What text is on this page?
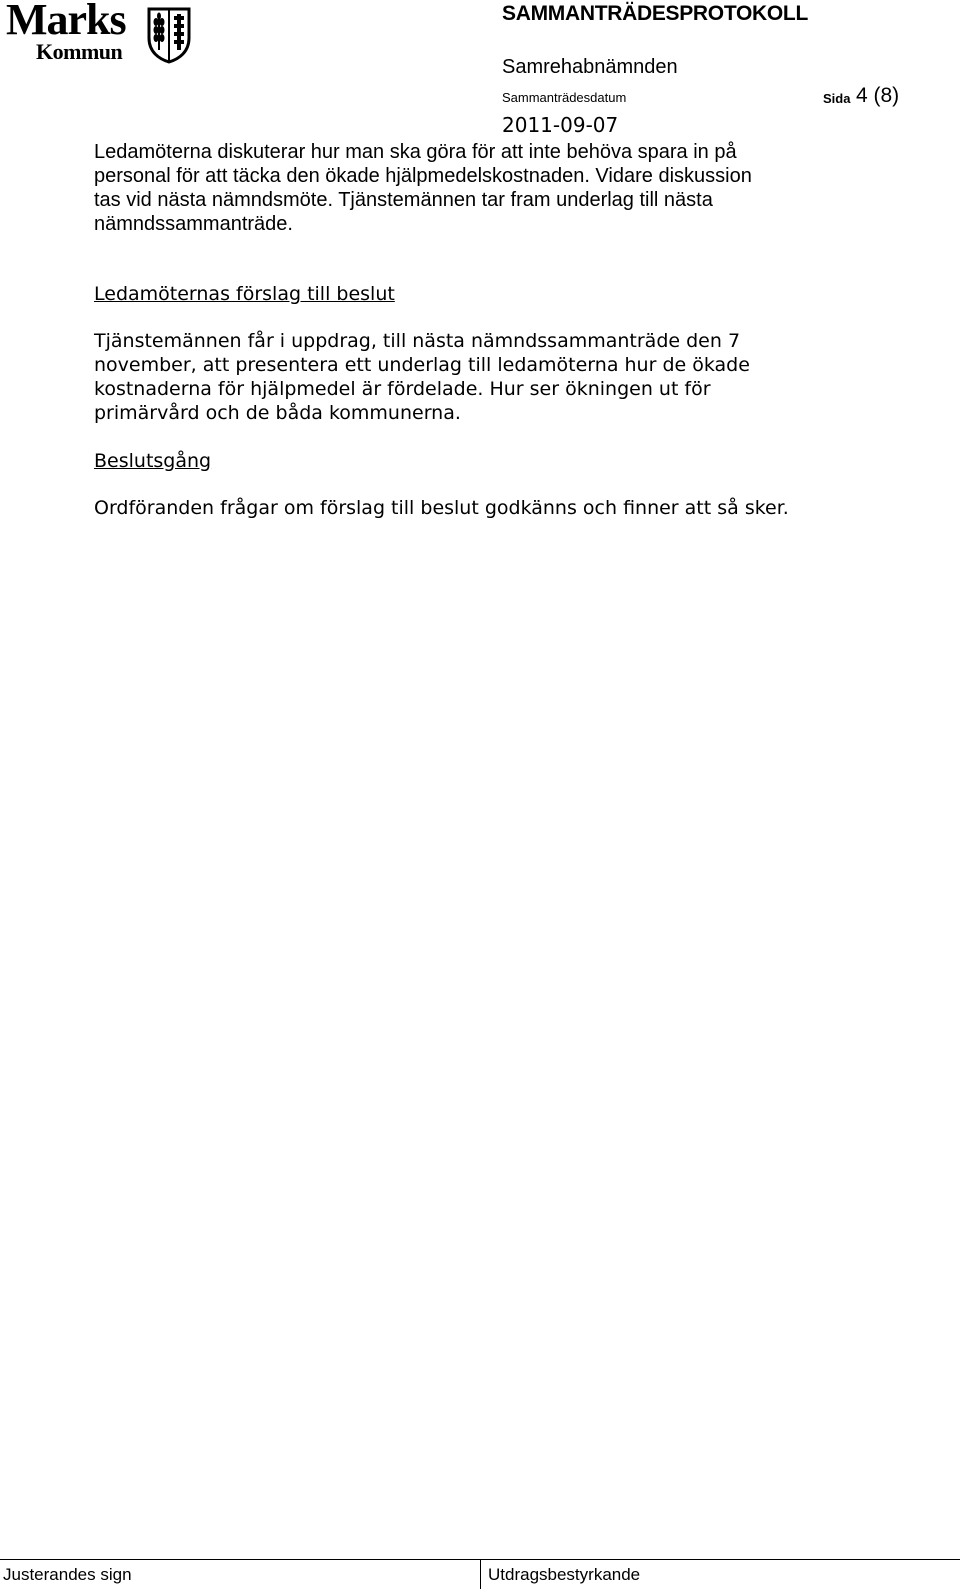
Marks
Kommun
SAMMANTRÄDESPROTOKOLL
Samrehabnämnden
Sammanträdesdatum	Sida 4 (8)
2011-09-07

Ledamöterna diskuterar hur man ska göra för att inte behöva spara in på
personal för att täcka den ökade hjälpmedelskostnaden. Vidare diskussion
tas vid nästa nämndsmöte. Tjänstemännen tar fram underlag till nästa
nämndssammanträde.

Ledamöternas förslag till beslut

Tjänstemännen får i uppdrag, till nästa nämndssammanträde den 7
november, att presentera ett underlag till ledamöterna hur de ökade
kostnaderna för hjälpmedel är fördelade. Hur ser ökningen ut för
primärvård och de båda kommunerna.

Beslutsgång

Ordföranden frågar om förslag till beslut godkänns och finner att så sker.

Justerandes sign	Utdragsbestyrkande
